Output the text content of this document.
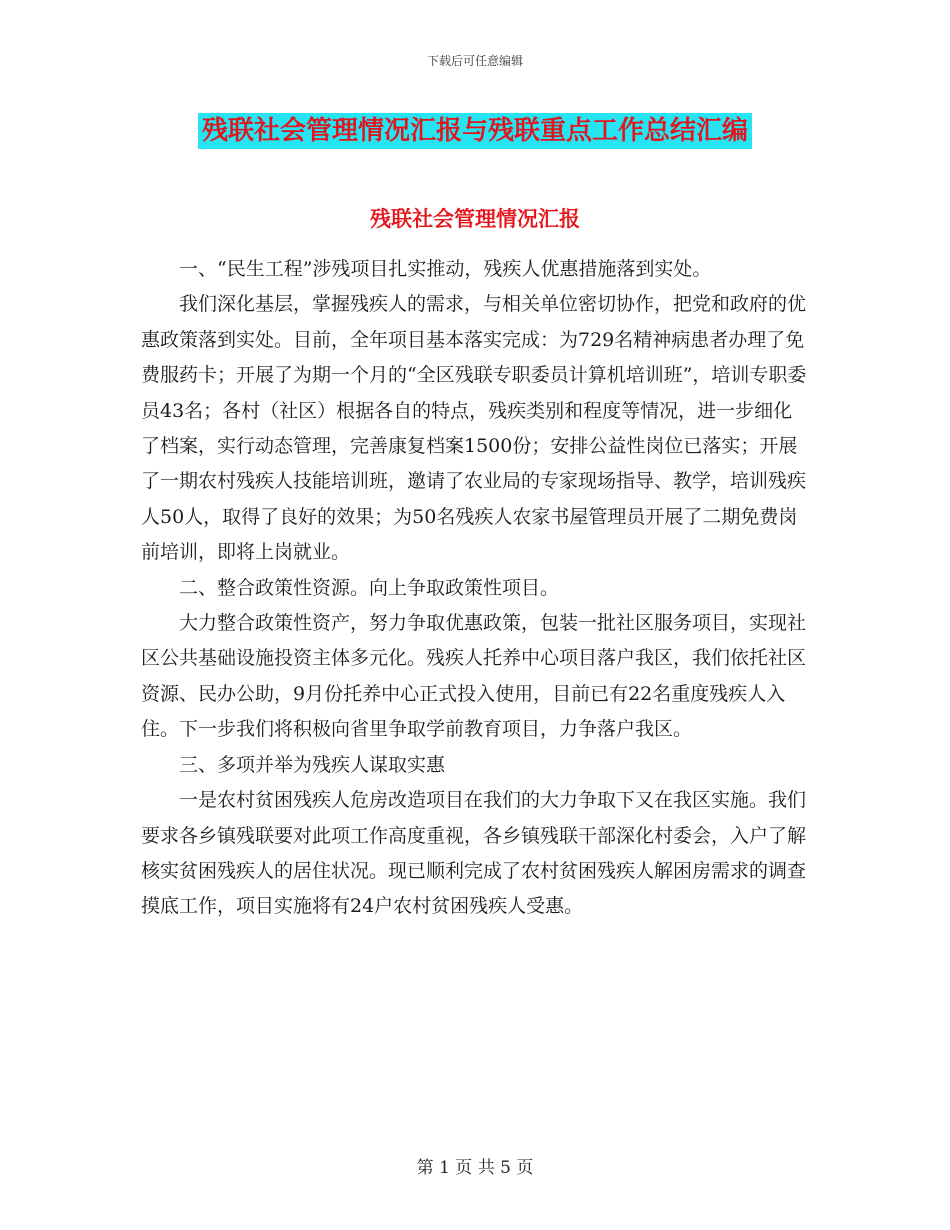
下载后可任意编辑
残联社会管理情况汇报与残联重点工作总结汇编
残联社会管理情况汇报

一、“民生工程”涉残项目扎实推动，残疾人优惠措施落到实处。

我们深化基层，掌握残疾人的需求，与相关单位密切协作，把党和政府的优惠政策落到实处。目前，全年项目基本落实完成：为729名精神病患者办理了免费服药卡；开展了为期一个月的“全区残联专职委员计算机培训班”，培训专职委员43名；各村（社区）根据各自的特点，残疾类别和程度等情况，进一步细化了档案，实行动态管理，完善康复档案1500份；安排公益性岗位已落实；开展了一期农村残疾人技能培训班，邀请了农业局的专家现场指导、教学，培训残疾人50人，取得了良好的效果；为50名残疾人农家书屋管理员开展了二期免费岗前培训，即将上岗就业。

二、整合政策性资源。向上争取政策性项目。

大力整合政策性资产，努力争取优惠政策，包装一批社区服务项目，实现社区公共基础设施投资主体多元化。残疾人托养中心项目落户我区，我们依托社区资源、民办公助，9月份托养中心正式投入使用，目前已有22名重度残疾人入住。下一步我们将积极向省里争取学前教育项目，力争落户我区。

三、多项并举为残疾人谋取实惠

一是农村贫困残疾人危房改造项目在我们的大力争取下又在我区实施。我们要求各乡镇残联要对此项工作高度重视，各乡镇残联干部深化村委会，入户了解核实贫困残疾人的居住状况。现已顺利完成了农村贫困残疾人解困房需求的调查摸底工作，项目实施将有24户农村贫困残疾人受惠。

第 1 页 共 5 页
